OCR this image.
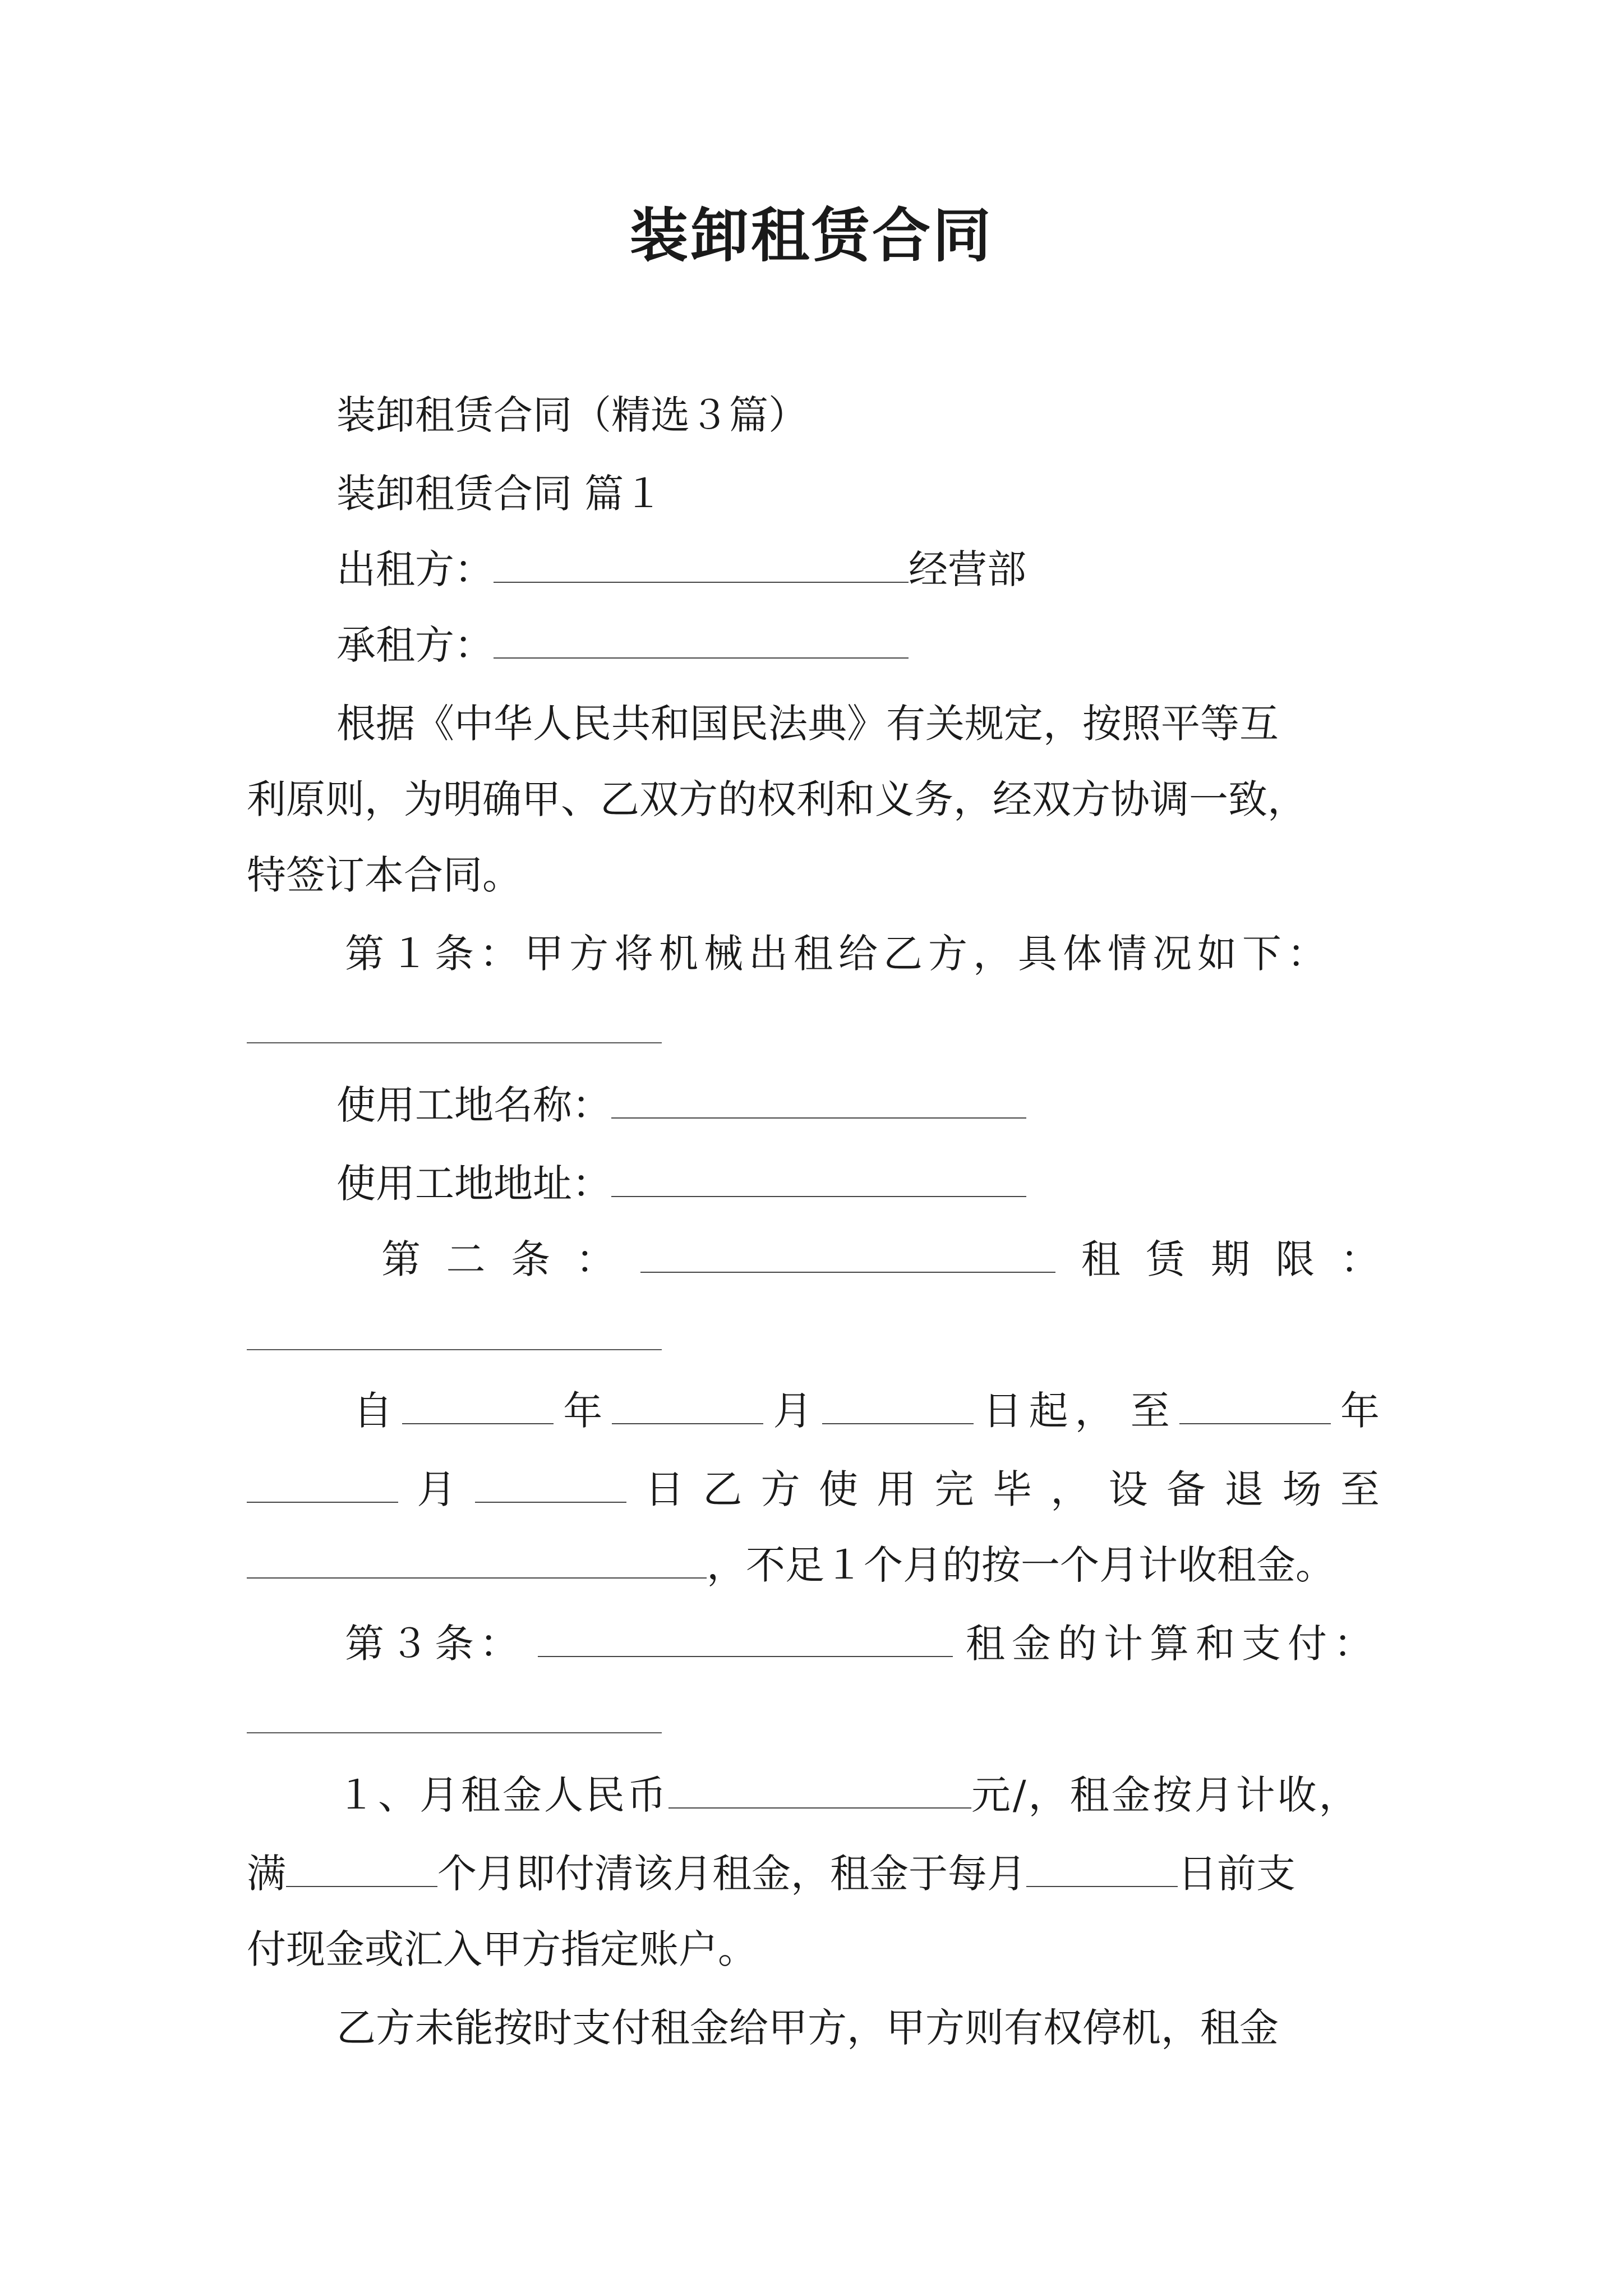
装卸租赁合同
装卸租赁合同（精选３篇）
装卸租赁合同 篇１
出租方：	经营部
承租方：
根据《中华人民共和国民法典》有关规定，按照平等互
利原则，为明确甲、乙双方的权利和义务，经双方协调一致，
特签订本合同。
第１条：甲方将机械出租给乙方，具体情况如下：
使用工地名称：
使用工地地址：
第 二 条 ：	租 赁 期 限 ：
自	年	月	日起， 至	年
月	日 乙 方 使 用 完 毕 ， 设 备 退 场 至
，不足１个月的按一个月计收租金。
第３条：	租金的计算和支付：
１、月租金人民币	元/，租金按月计收，
满	个月即付清该月租金，租金于每月	日前支
付现金或汇入甲方指定账户。
乙方未能按时支付租金给甲方，甲方则有权停机，租金
